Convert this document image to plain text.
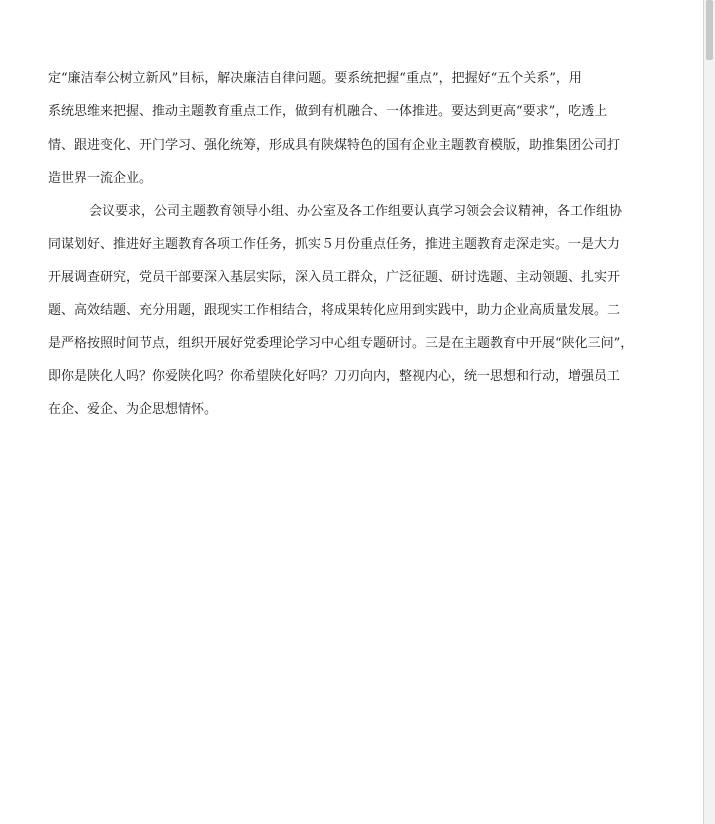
定“廉洁奉公树立新风”目标，解决廉洁自律问题。要系统把握“重点”，把握好“五个关系”，用
系统思维来把握、推动主题教育重点工作，做到有机融合、一体推进。要达到更高“要求”，吃透上
情、跟进变化、开门学习、强化统筹，形成具有陕煤特色的国有企业主题教育模版，助推集团公司打
造世界一流企业。
会议要求，公司主题教育领导小组、办公室及各工作组要认真学习领会会议精神，各工作组协
同谋划好、推进好主题教育各项工作任务，抓实５月份重点任务，推进主题教育走深走实。一是大力
开展调查研究，党员干部要深入基层实际，深入员工群众，广泛征题、研讨选题、主动领题、扎实开
题、高效结题、充分用题，跟现实工作相结合，将成果转化应用到实践中，助力企业高质量发展。二
是严格按照时间节点，组织开展好党委理论学习中心组专题研讨。三是在主题教育中开展“陕化三问”，
即你是陕化人吗？你爱陕化吗？你希望陕化好吗？刀刃向内，整视内心，统一思想和行动，增强员工
在企、爱企、为企思想情怀。
